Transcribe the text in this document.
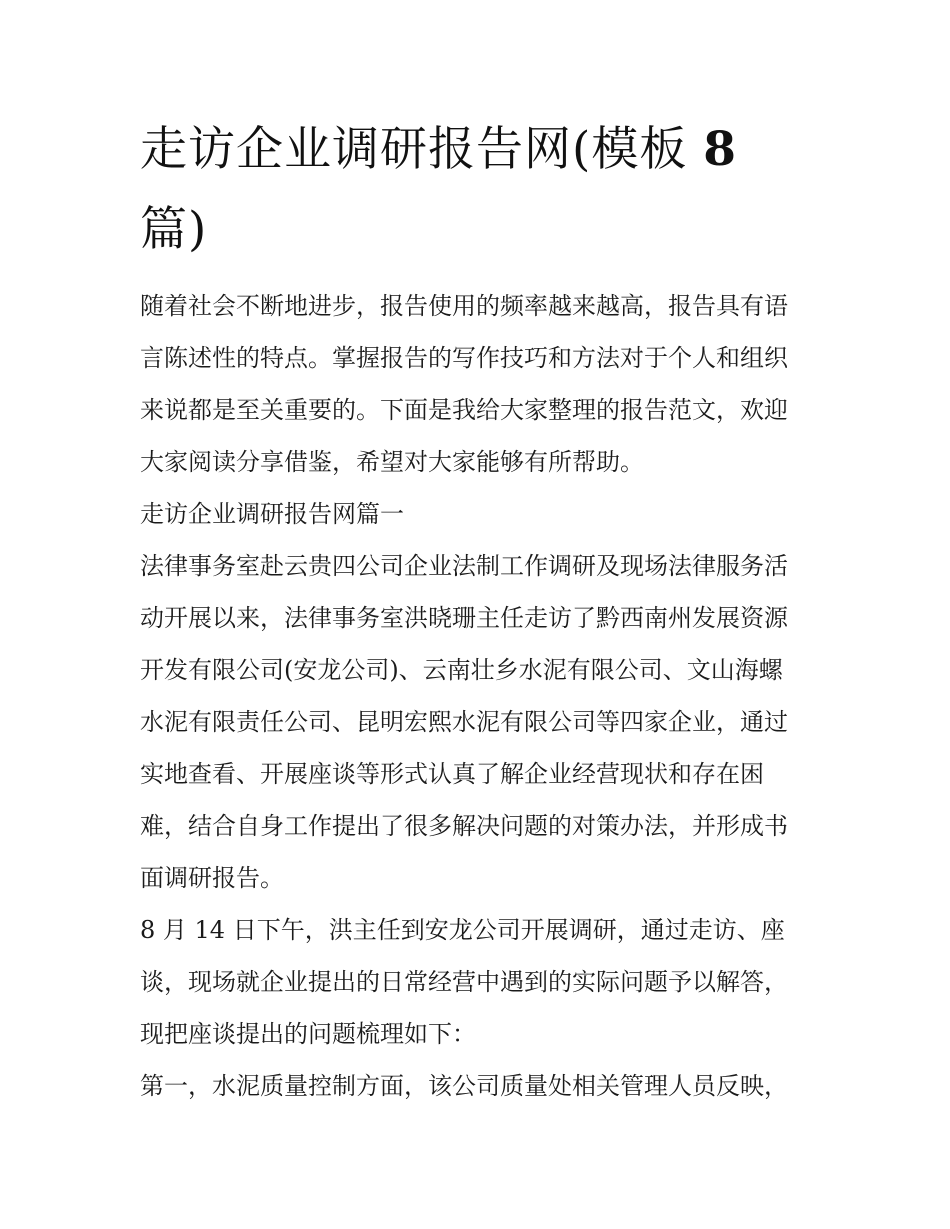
走访企业调研报告网(模板 8
篇)

随着社会不断地进步，报告使用的频率越来越高，报告具有语

言陈述性的特点。掌握报告的写作技巧和方法对于个人和组织

来说都是至关重要的。下面是我给大家整理的报告范文，欢迎

大家阅读分享借鉴，希望对大家能够有所帮助。

走访企业调研报告网篇一

法律事务室赴云贵四公司企业法制工作调研及现场法律服务活

动开展以来，法律事务室洪晓珊主任走访了黔西南州发展资源

开发有限公司(安龙公司)、云南壮乡水泥有限公司、文山海螺

水泥有限责任公司、昆明宏熙水泥有限公司等四家企业，通过

实地查看、开展座谈等形式认真了解企业经营现状和存在困

难，结合自身工作提出了很多解决问题的对策办法，并形成书

面调研报告。

8 月 14 日下午，洪主任到安龙公司开展调研，通过走访、座

谈，现场就企业提出的日常经营中遇到的实际问题予以解答，

现把座谈提出的问题梳理如下：

第一，水泥质量控制方面，该公司质量处相关管理人员反映，
